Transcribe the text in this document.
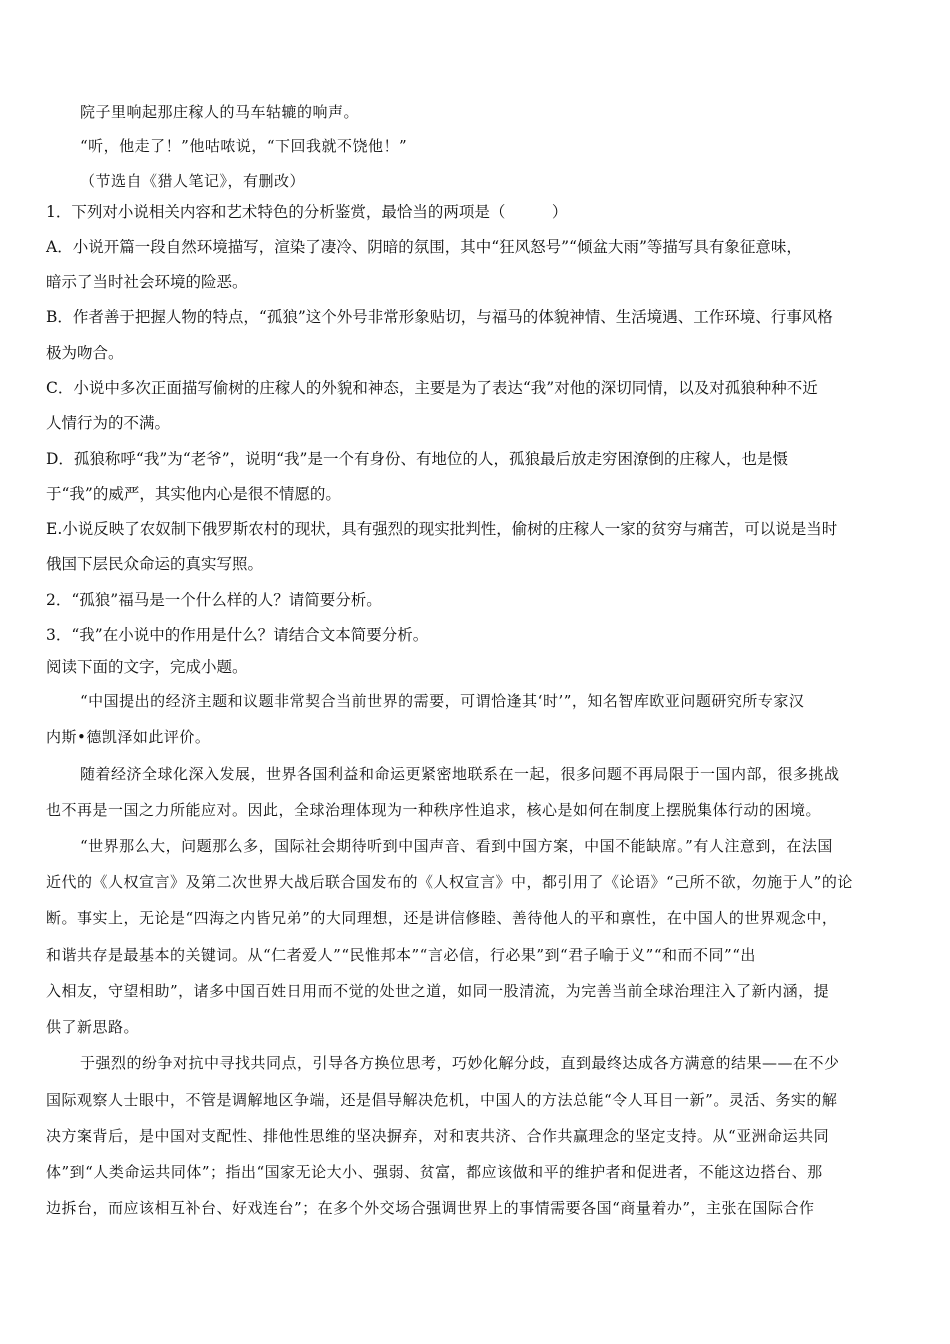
院子里响起那庄稼人的马车轱辘的响声。

“听，他走了！”他咕哝说，“下回我就不饶他！”

（节选自《猎人笔记》，有删改）

1．下列对小说相关内容和艺术特色的分析鉴赏，最恰当的两项是（　　　）

A．小说开篇一段自然环境描写，渲染了凄冷、阴暗的氛围，其中“狂风怒号”“倾盆大雨”等描写具有象征意味，

暗示了当时社会环境的险恶。

B．作者善于把握人物的特点，“孤狼”这个外号非常形象贴切，与福马的体貌神情、生活境遇、工作环境、行事风格

极为吻合。

C．小说中多次正面描写偷树的庄稼人的外貌和神态，主要是为了表达“我”对他的深切同情，以及对孤狼种种不近

人情行为的不满。

D．孤狼称呼“我”为“老爷”，说明“我”是一个有身份、有地位的人，孤狼最后放走穷困潦倒的庄稼人，也是慑

于“我”的威严，其实他内心是很不情愿的。

E.小说反映了农奴制下俄罗斯农村的现状，具有强烈的现实批判性，偷树的庄稼人一家的贫穷与痛苦，可以说是当时

俄国下层民众命运的真实写照。

2．“孤狼”福马是一个什么样的人？请简要分析。

3．“我”在小说中的作用是什么？请结合文本简要分析。

阅读下面的文字，完成小题。

“中国提出的经济主题和议题非常契合当前世界的需要，可谓恰逢其‘时’”，知名智库欧亚问题研究所专家汉

内斯•德凯泽如此评价。

随着经济全球化深入发展，世界各国利益和命运更紧密地联系在一起，很多问题不再局限于一国内部，很多挑战

也不再是一国之力所能应对。因此，全球治理体现为一种秩序性追求，核心是如何在制度上摆脱集体行动的困境。

“世界那么大，问题那么多，国际社会期待听到中国声音、看到中国方案，中国不能缺席。”有人注意到，在法国

近代的《人权宣言》及第二次世界大战后联合国发布的《人权宣言》中，都引用了《论语》“己所不欲，勿施于人”的论

断。事实上，无论是“四海之内皆兄弟”的大同理想，还是讲信修睦、善待他人的平和禀性，在中国人的世界观念中，

和谐共存是最基本的关键词。从“仁者爱人”“民惟邦本”“言必信，行必果”到“君子喻于义”“和而不同”“出

入相友，守望相助”，诸多中国百姓日用而不觉的处世之道，如同一股清流，为完善当前全球治理注入了新内涵，提

供了新思路。

于强烈的纷争对抗中寻找共同点，引导各方换位思考，巧妙化解分歧，直到最终达成各方满意的结果——在不少

国际观察人士眼中，不管是调解地区争端，还是倡导解决危机，中国人的方法总能“令人耳目一新”。灵活、务实的解

决方案背后，是中国对支配性、排他性思维的坚决摒弃，对和衷共济、合作共赢理念的坚定支持。从“亚洲命运共同

体”到“人类命运共同体”；指出“国家无论大小、强弱、贫富，都应该做和平的维护者和促进者，不能这边搭台、那

边拆台，而应该相互补台、好戏连台”；在多个外交场合强调世界上的事情需要各国“商量着办”，主张在国际合作
